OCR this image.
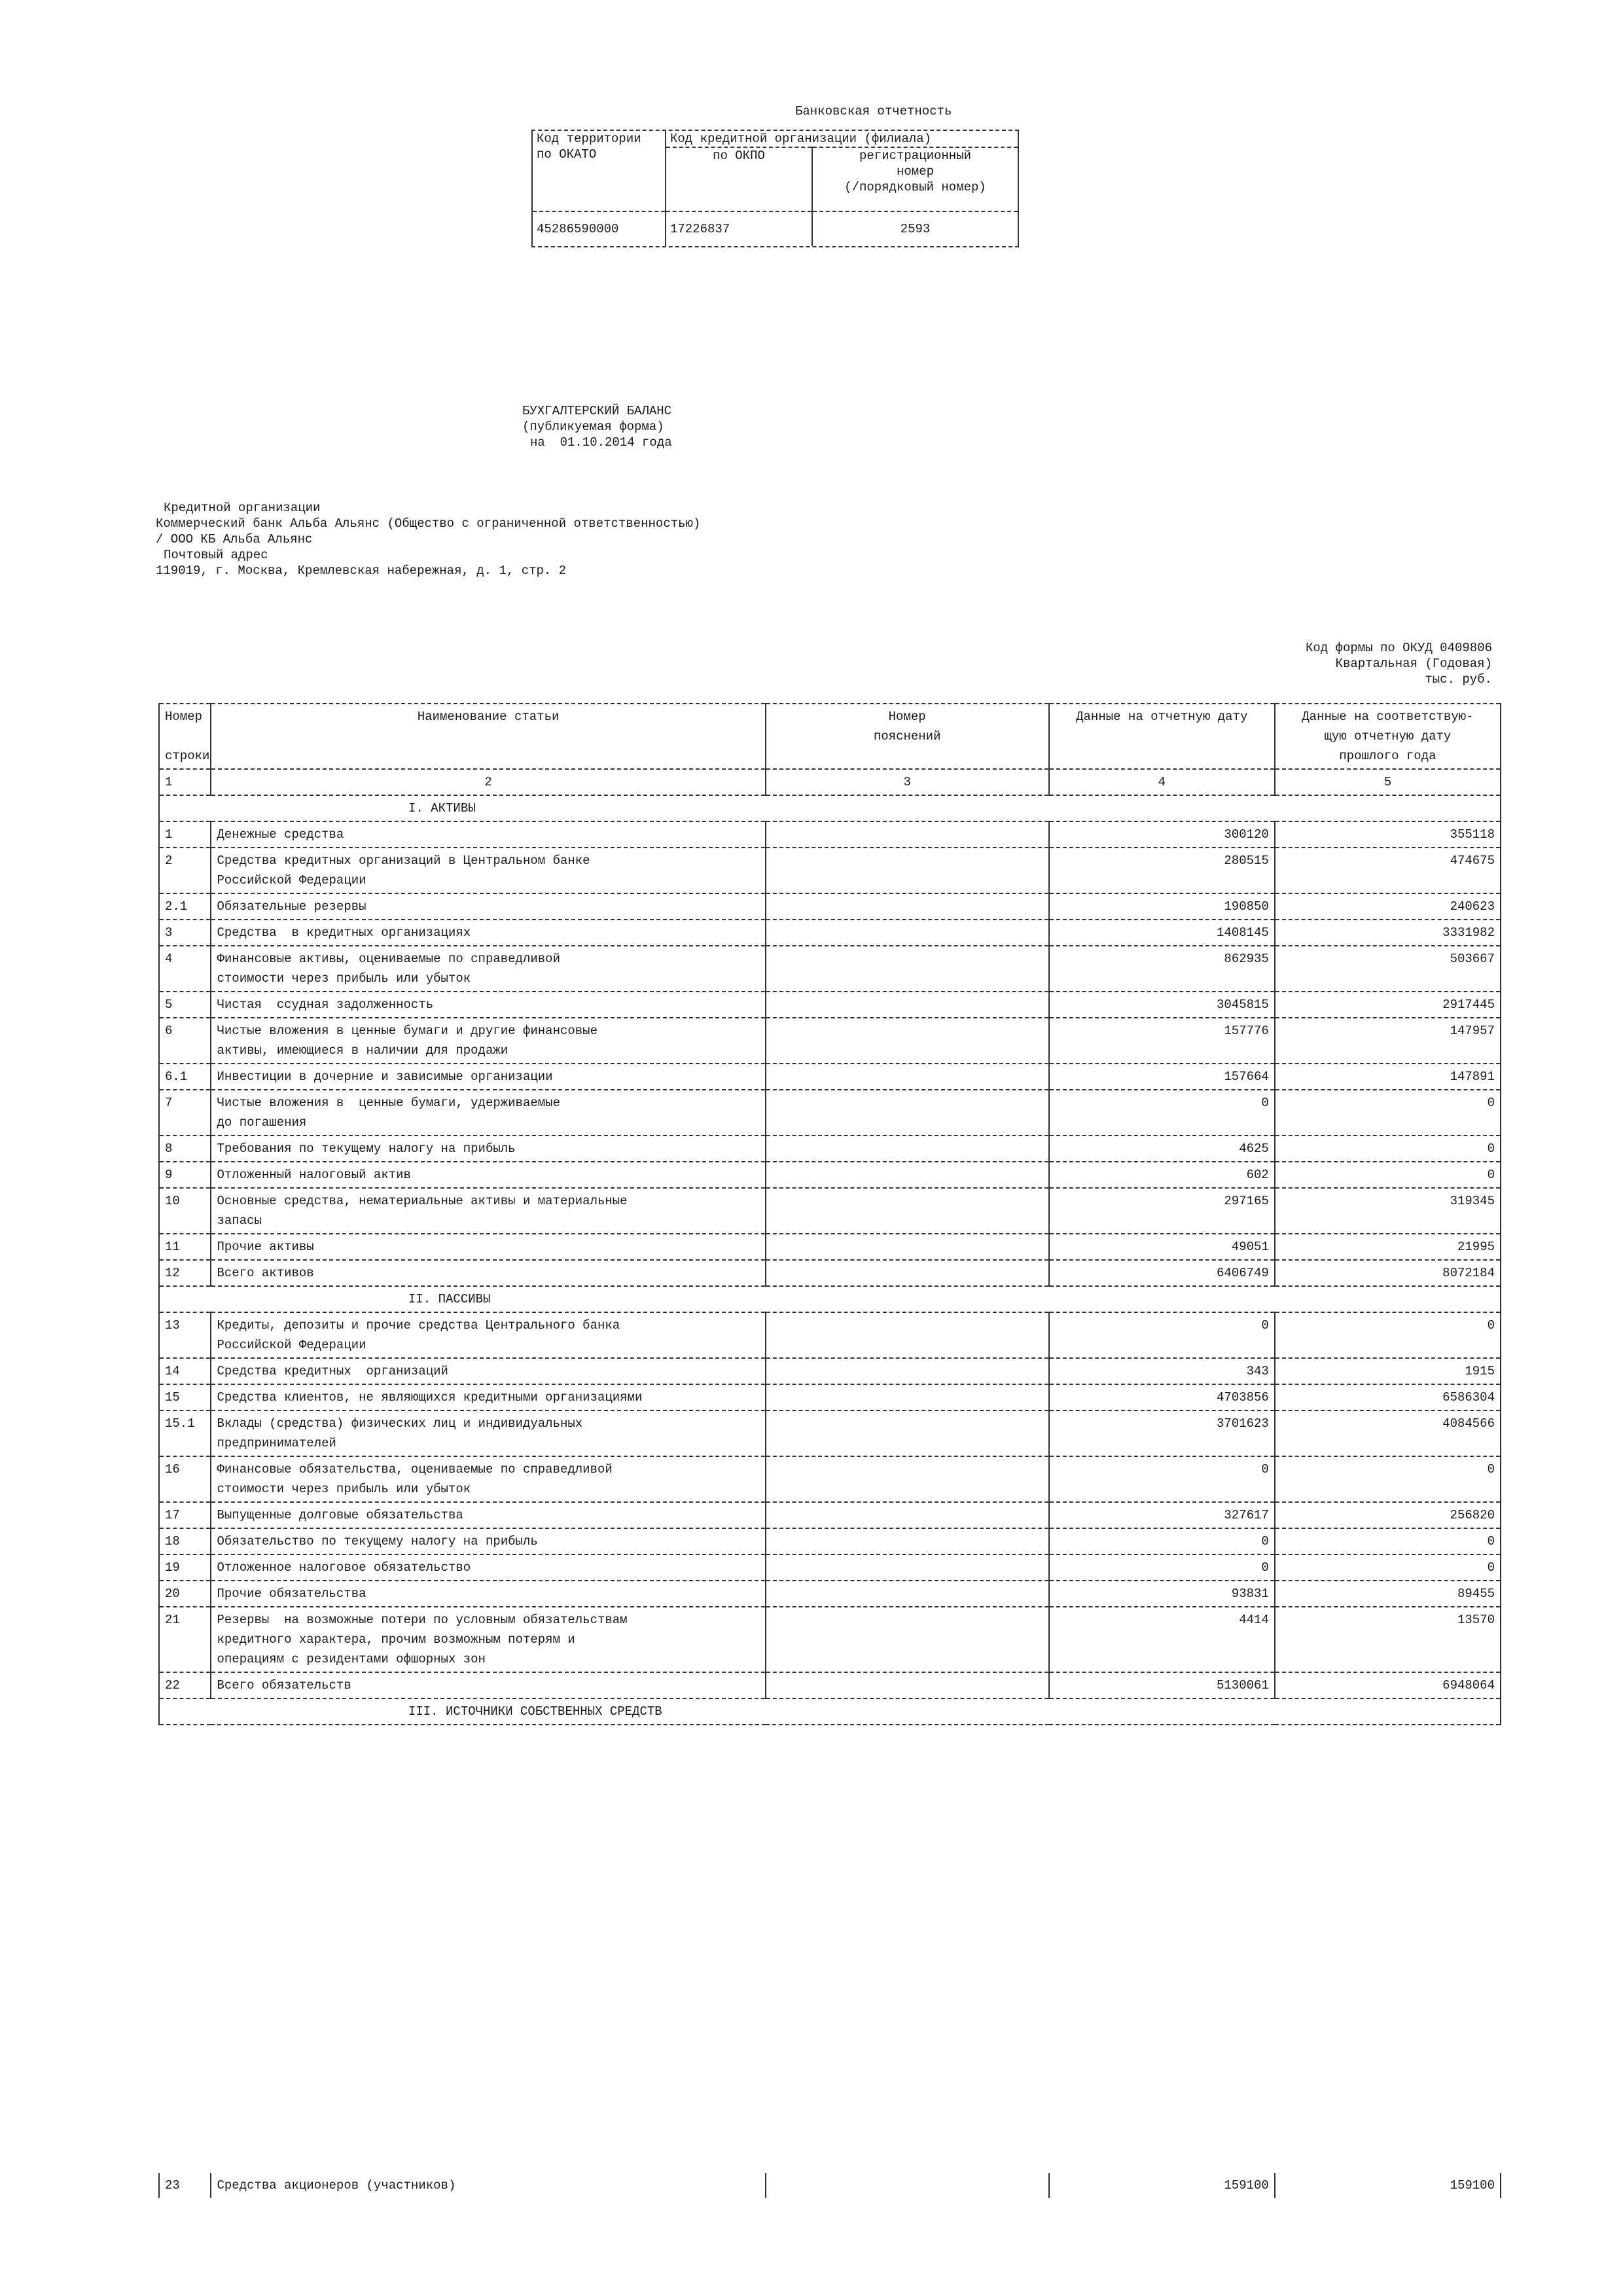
Банковская отчетность
Код территории
по ОКАТО	Код кредитной организации (филиала)	
	по ОКПО	регистрационный
номер
(/порядковый номер)
45286590000	17226837	2593
БУХГАЛТЕРСКИЙ БАЛАНС
(публикуемая форма)
на  01.10.2014 года
Кредитной организации
Коммерческий банк Альба Альянс (Общество с ограниченной ответственностью)
/ ООО КБ Альба Альянс
Почтовый адрес
119019, г. Москва, Кремлевская набережная, д. 1, стр. 2
Код формы по ОКУД 0409806
Квартальная (Годовая)
тыс. руб.
Номер

строки	Наименование статьи	Номер
пояснений	Данные на отчетную дату	Данные на соответствую-
щую отчетную дату
прошлого года
1	2	3	4	5
I. АКТИВЫ				
1	Денежные средства		300120	355118
2	Средства кредитных организаций в Центральном банке
Российской Федерации		280515	474675
2.1	Обязательные резервы		190850	240623
3	Средства  в кредитных организациях		1408145	3331982
4	Финансовые активы, оцениваемые по справедливой
стоимости через прибыль или убыток		862935	503667
5	Чистая  ссудная задолженность		3045815	2917445
6	Чистые вложения в ценные бумаги и другие финансовые
активы, имеющиеся в наличии для продажи		157776	147957
6.1	Инвестиции в дочерние и зависимые организации		157664	147891
7	Чистые вложения в  ценные бумаги, удерживаемые
до погашения		0	0
8	Требования по текущему налогу на прибыль		4625	0
9	Отложенный налоговый актив		602	0
10	Основные средства, нематериальные активы и материальные
запасы		297165	319345
11	Прочие активы		49051	21995
12	Всего активов		6406749	8072184
II. ПАССИВЫ				
13	Кредиты, депозиты и прочие средства Центрального банка
Российской Федерации		0	0
14	Средства кредитных  организаций		343	1915
15	Средства клиентов, не являющихся кредитными организациями		4703856	6586304
15.1	Вклады (средства) физических лиц и индивидуальных
предпринимателей		3701623	4084566
16	Финансовые обязательства, оцениваемые по справедливой
стоимости через прибыль или убыток		0	0
17	Выпущенные долговые обязательства		327617	256820
18	Обязательство по текущему налогу на прибыль		0	0
19	Отложенное налоговое обязательство		0	0
20	Прочие обязательства		93831	89455
21	Резервы  на возможные потери по условным обязательствам
кредитного характера, прочим возможным потерям и
операциям с резидентами офшорных зон		4414	13570
22	Всего обязательств		5130061	6948064
III. ИСТОЧНИКИ СОБСТВЕННЫХ СРЕДСТВ				
23	Средства акционеров (участников)		159100	159100
